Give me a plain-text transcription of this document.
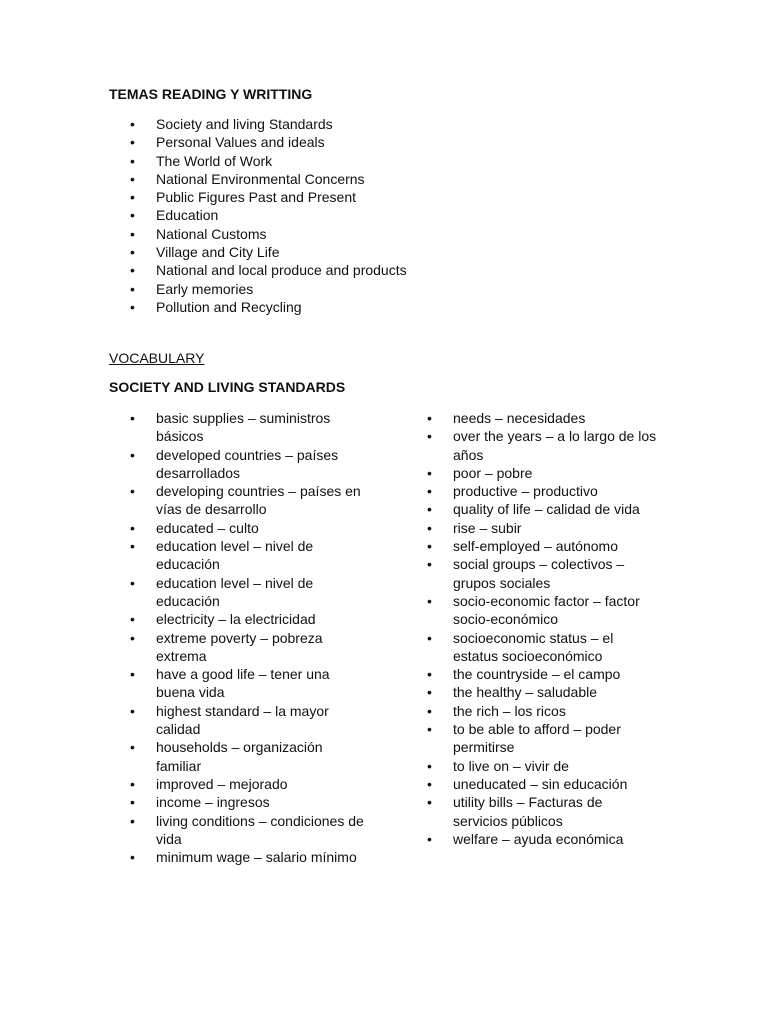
TEMAS READING Y WRITTING
• Society and living Standards
• Personal Values and ideals
• The World of Work
• National Environmental Concerns
• Public Figures Past and Present
• Education
• National Customs
• Village and City Life
• National and local produce and products
• Early memories
• Pollution and Recycling

VOCABULARY

SOCIETY AND LIVING STANDARDS
• basic supplies – suministros básicos
• developed countries – países desarrollados
• developing countries – países en vías de desarrollo
• educated – culto
• education level – nivel de educación
• education level – nivel de educación
• electricity – la electricidad
• extreme poverty – pobreza extrema
• have a good life – tener una buena vida
• highest standard – la mayor calidad
• households – organización familiar
• improved – mejorado
• income – ingresos
• living conditions – condiciones de vida
• minimum wage – salario mínimo
• needs – necesidades
• over the years – a lo largo de los años
• poor – pobre
• productive – productivo
• quality of life – calidad de vida
• rise – subir
• self-employed – autónomo
• social groups – colectivos – grupos sociales
• socio-economic factor – factor socio-económico
• socioeconomic status – el estatus socioeconómico
• the countryside – el campo
• the healthy – saludable
• the rich – los ricos
• to be able to afford – poder permitirse
• to live on – vivir de
• uneducated – sin educación
• utility bills – Facturas de servicios públicos
• welfare – ayuda económica
